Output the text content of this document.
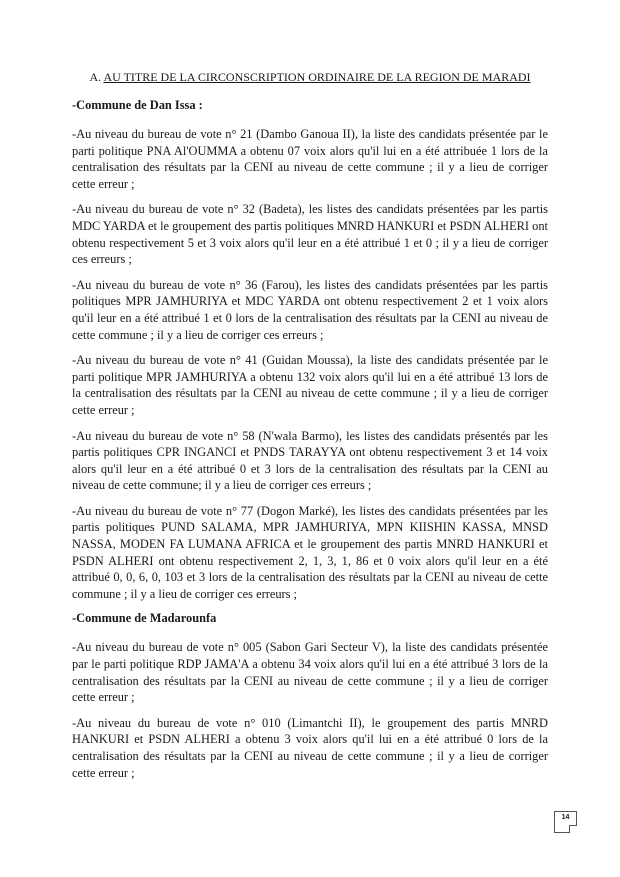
A. AU TITRE DE LA CIRCONSCRIPTION ORDINAIRE DE LA REGION DE MARADI
-Commune de Dan Issa :

-Au niveau du bureau de vote n° 21 (Dambo Ganoua II), la liste des candidats présentée par le parti politique PNA Al'OUMMA a obtenu 07 voix alors qu'il lui en a été attribuée 1 lors de la centralisation des résultats par la CENI au niveau de cette commune ; il y a lieu de corriger cette erreur ;

-Au niveau du bureau de vote n° 32 (Badeta), les listes des candidats présentées par les partis MDC YARDA et le groupement des partis politiques MNRD HANKURI et PSDN ALHERI ont obtenu respectivement 5 et 3 voix alors qu'il leur en a été attribué 1 et 0 ; il y a lieu de corriger ces erreurs ;

-Au niveau du bureau de vote n° 36 (Farou), les listes des candidats présentées par les partis politiques MPR JAMHURIYA et MDC YARDA ont obtenu respectivement 2 et 1 voix alors qu'il leur en a été attribué 1 et 0 lors de la centralisation des résultats par la CENI au niveau de cette commune ; il y a lieu de corriger ces erreurs ;

-Au niveau du bureau de vote n° 41 (Guidan Moussa), la liste des candidats présentée par le parti politique MPR JAMHURIYA a obtenu 132 voix alors qu'il lui en a été attribué 13 lors de la centralisation des résultats par la CENI au niveau de cette commune ; il y a lieu de corriger cette erreur ;

-Au niveau du bureau de vote n° 58 (N'wala Barmo), les listes des candidats présentés par les partis politiques CPR INGANCI et PNDS TARAYYA ont obtenu respectivement 3 et 14 voix alors qu'il leur en a été attribué 0 et 3 lors de la centralisation des résultats par la CENI au niveau de cette commune; il y a lieu de corriger ces erreurs ;

-Au niveau du bureau de vote n° 77 (Dogon Marké), les listes des candidats présentées par les partis politiques PUND SALAMA, MPR JAMHURIYA, MPN KIISHIN KASSA, MNSD NASSA, MODEN FA LUMANA AFRICA et le groupement des partis MNRD HANKURI et PSDN ALHERI ont obtenu respectivement 2, 1, 3, 1, 86 et 0 voix alors qu'il leur en a été attribué 0, 0, 6, 0, 103 et 3 lors de la centralisation des résultats par la CENI au niveau de cette commune ; il y a lieu de corriger ces erreurs ;

-Commune de Madarounfa

-Au niveau du bureau de vote n° 005 (Sabon Gari Secteur V), la liste des candidats présentée par le parti politique RDP JAMA'A a obtenu 34 voix alors qu'il lui en a été attribué 3 lors de la centralisation des résultats par la CENI au niveau de cette commune ; il y a lieu de corriger cette erreur ;

-Au niveau du bureau de vote n° 010 (Limantchi II), le groupement des partis MNRD HANKURI et PSDN ALHERI a obtenu 3 voix alors qu'il lui en a été attribué 0 lors de la centralisation des résultats par la CENI au niveau de cette commune ; il y a lieu de corriger cette erreur ;

14
